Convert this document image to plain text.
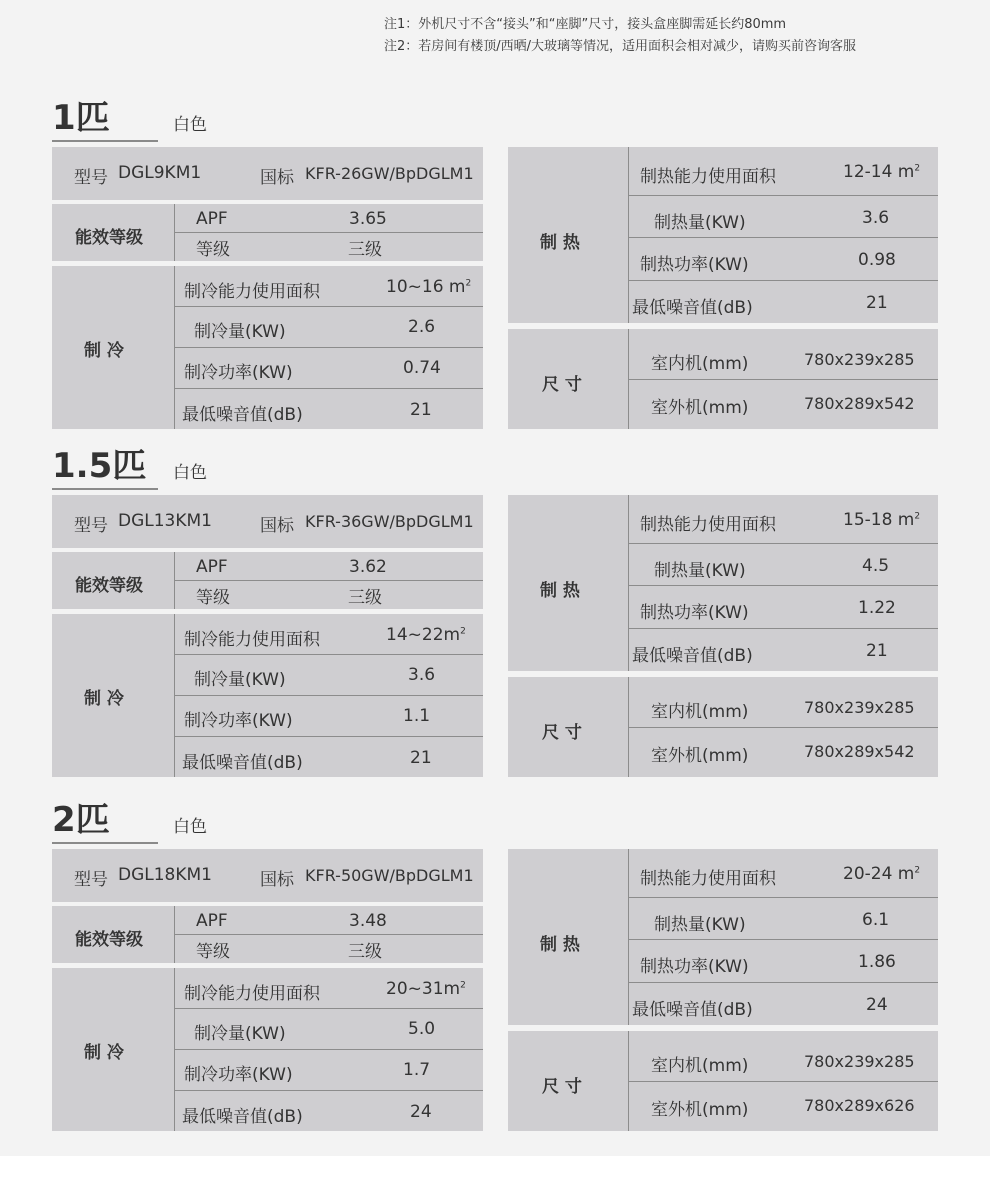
注1：外机尺寸不含“接头”和“座脚”尺寸，接头盒座脚需延长约80mm
注2：若房间有楼顶/西晒/大玻璃等情况，适用面积会相对减少，请购买前咨询客服
1匹	白色
型号 DGL9KM1	国标 KFR-26GW/BpDGLM1
能效等级
APF	3.65
等级	三级
制 冷
制冷能力使用面积	10~16 $m^2$
制冷量(KW)	2.6
制冷功率(KW)	0.74
最低噪音值(dB)	21
制 热
制热能力使用面积	12-14 $m^2$
制热量(KW)	3.6
制热功率(KW)	0.98
最低噪音值(dB)	21
尺 寸
室内机(mm)	780x239x285
室外机(mm)	780x289x542
1.5匹 白色
型号 DGL13KM1	国标 KFR-36GW/BpDGLM1
能效等级
APF	3.62
等级	三级
制 冷
制冷能力使用面积	$14\sim 22m^2$
制冷量(KW)	3.6
制冷功率(KW)	1.1
最低噪音值(dB)	21
制 热
制热能力使用面积	15-18 $m^2$
制热量(KW)	4.5
制热功率(KW)	1.22
最低噪音值(dB)	21
尺 寸
室内机(mm)	780x239x285
室外机(mm)	780x289x542
2匹	白色
型号 DGL18KM1	国标 KFR-50GW/BpDGLM1
能效等级
APF	3.48
等级	三级
制 冷
制冷能力使用面积	$20\sim 31m^2$
制冷量(KW)	5.0
制冷功率(KW)	1.7
最低噪音值(dB)	24
制 热
制热能力使用面积	20-24 $m^2$
制热量(KW)	6.1
制热功率(KW)	1.86
最低噪音值(dB)	24
尺 寸
室内机(mm)	780x239x285
室外机(mm)	780x289x626
